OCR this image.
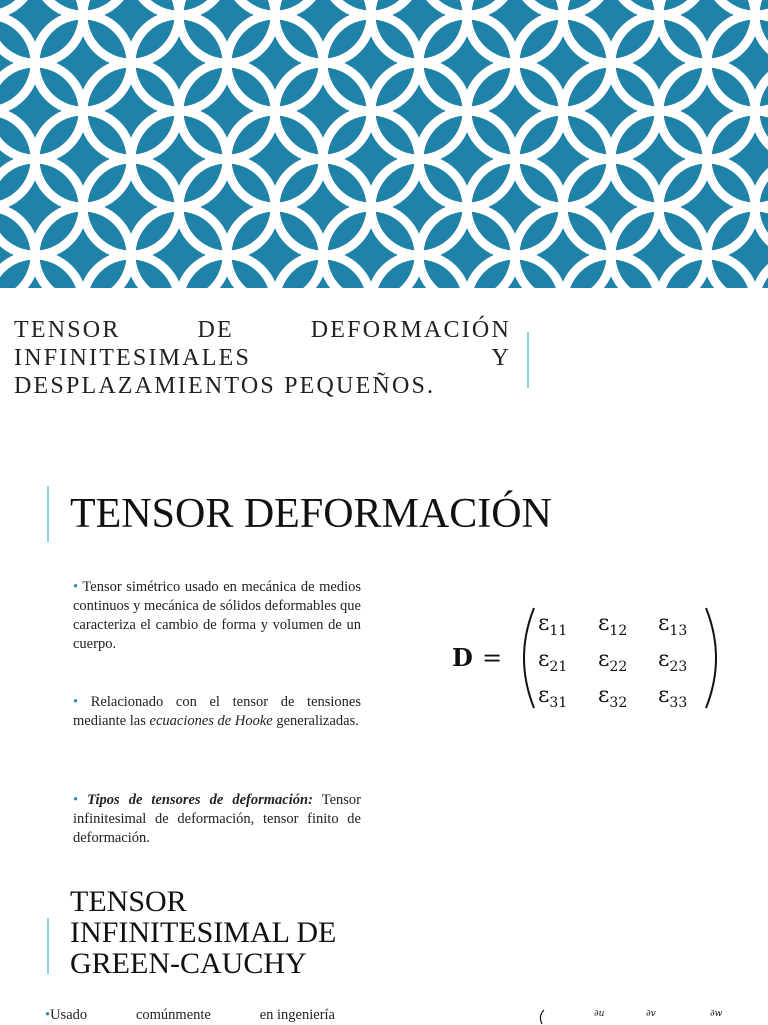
TENSOR DE DEFORMACIÓN
INFINITESIMALES Y
DESPLAZAMIENTOS PEQUEÑOS.
TENSOR DEFORMACIÓN
• Tensor simétrico usado en mecánica de medios continuos y mecánica de sólidos deformables que caracteriza el cambio de forma y volumen de un cuerpo.
• Relacionado con el tensor de tensiones mediante las ecuaciones de Hooke generalizadas.
• Tipos de tensores de deformación: Tensor infinitesimal de deformación, tensor finito de deformación.
D =
$\varepsilon_{11}$ $\varepsilon_{12}$ $\varepsilon_{13}$
$\varepsilon_{21}$ $\varepsilon_{22}$ $\varepsilon_{23}$
$\varepsilon_{31}$ $\varepsilon_{32}$ $\varepsilon_{33}$
TENSOR INFINITESIMAL DE GREEN-CAUCHY
•Usado	comúnmente	en ingeniería	∂u	∂v	∂w
